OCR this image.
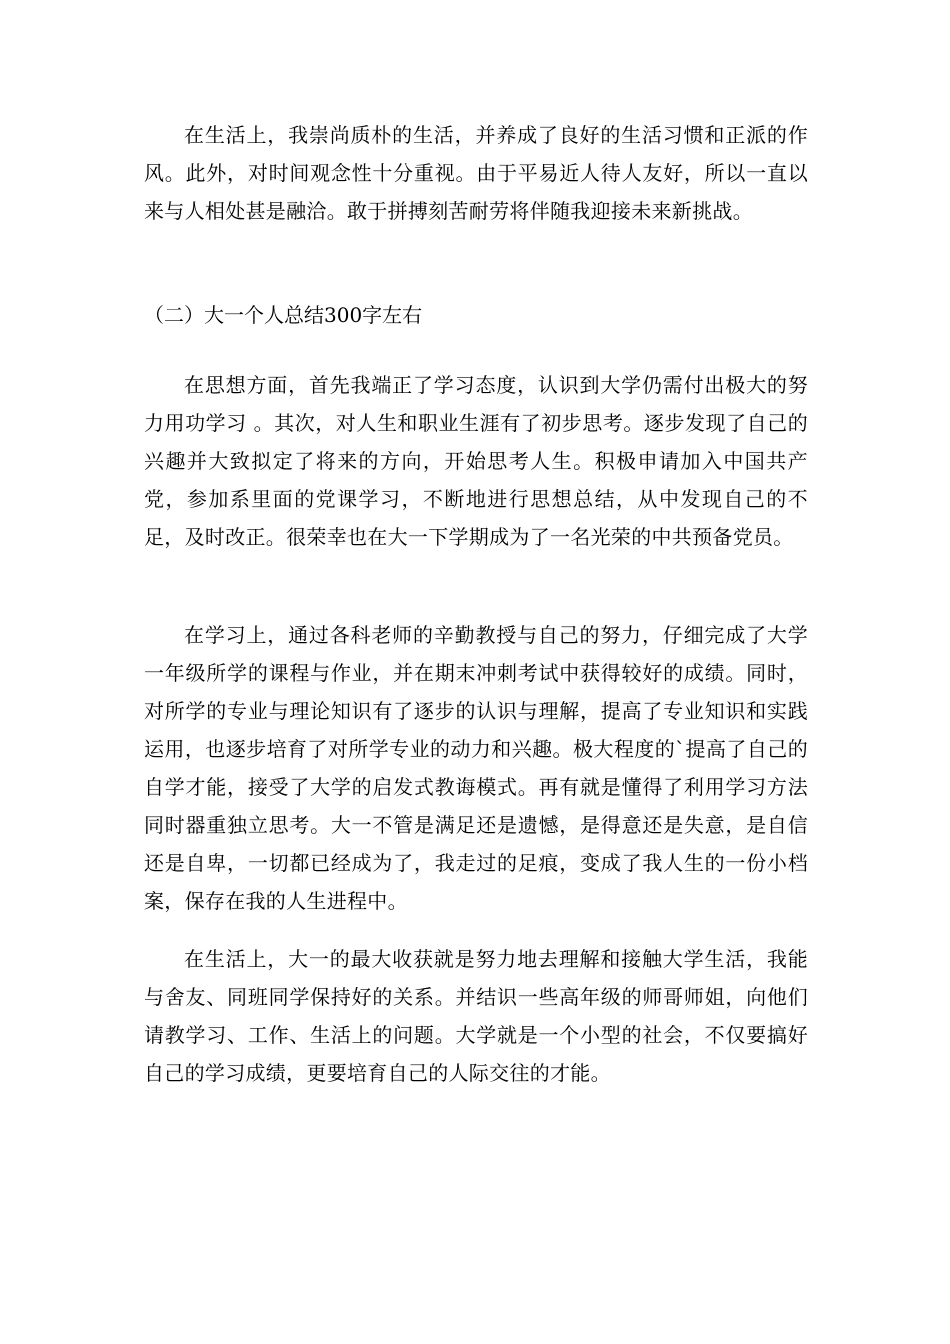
在生活上，我崇尚质朴的生活，并养成了良好的生活习惯和正派的作风。此外，对时间观念性十分重视。由于平易近人待人友好，所以一直以来与人相处甚是融洽。敢于拼搏刻苦耐劳将伴随我迎接未来新挑战。

（二）大一个人总结300字左右

在思想方面，首先我端正了学习态度，认识到大学仍需付出极大的努力用功学习 。其次，对人生和职业生涯有了初步思考。逐步发现了自己的兴趣并大致拟定了将来的方向，开始思考人生。积极申请加入中国共产党，参加系里面的党课学习，不断地进行思想总结，从中发现自己的不足，及时改正。很荣幸也在大一下学期成为了一名光荣的中共预备党员。

在学习上，通过各科老师的辛勤教授与自己的努力，仔细完成了大学一年级所学的课程与作业，并在期末冲刺考试中获得较好的成绩。同时，对所学的专业与理论知识有了逐步的认识与理解，提高了专业知识和实践运用，也逐步培育了对所学专业的动力和兴趣。极大程度的`提高了自己的自学才能，接受了大学的启发式教诲模式。再有就是懂得了利用学习方法同时器重独立思考。大一不管是满足还是遗憾，是得意还是失意，是自信还是自卑，一切都已经成为了，我走过的足痕，变成了我人生的一份小档案，保存在我的人生进程中。

在生活上，大一的最大收获就是努力地去理解和接触大学生活，我能与舍友、同班同学保持好的关系。并结识一些高年级的师哥师姐，向他们请教学习、工作、生活上的问题。大学就是一个小型的社会，不仅要搞好自己的学习成绩，更要培育自己的人际交往的才能。
